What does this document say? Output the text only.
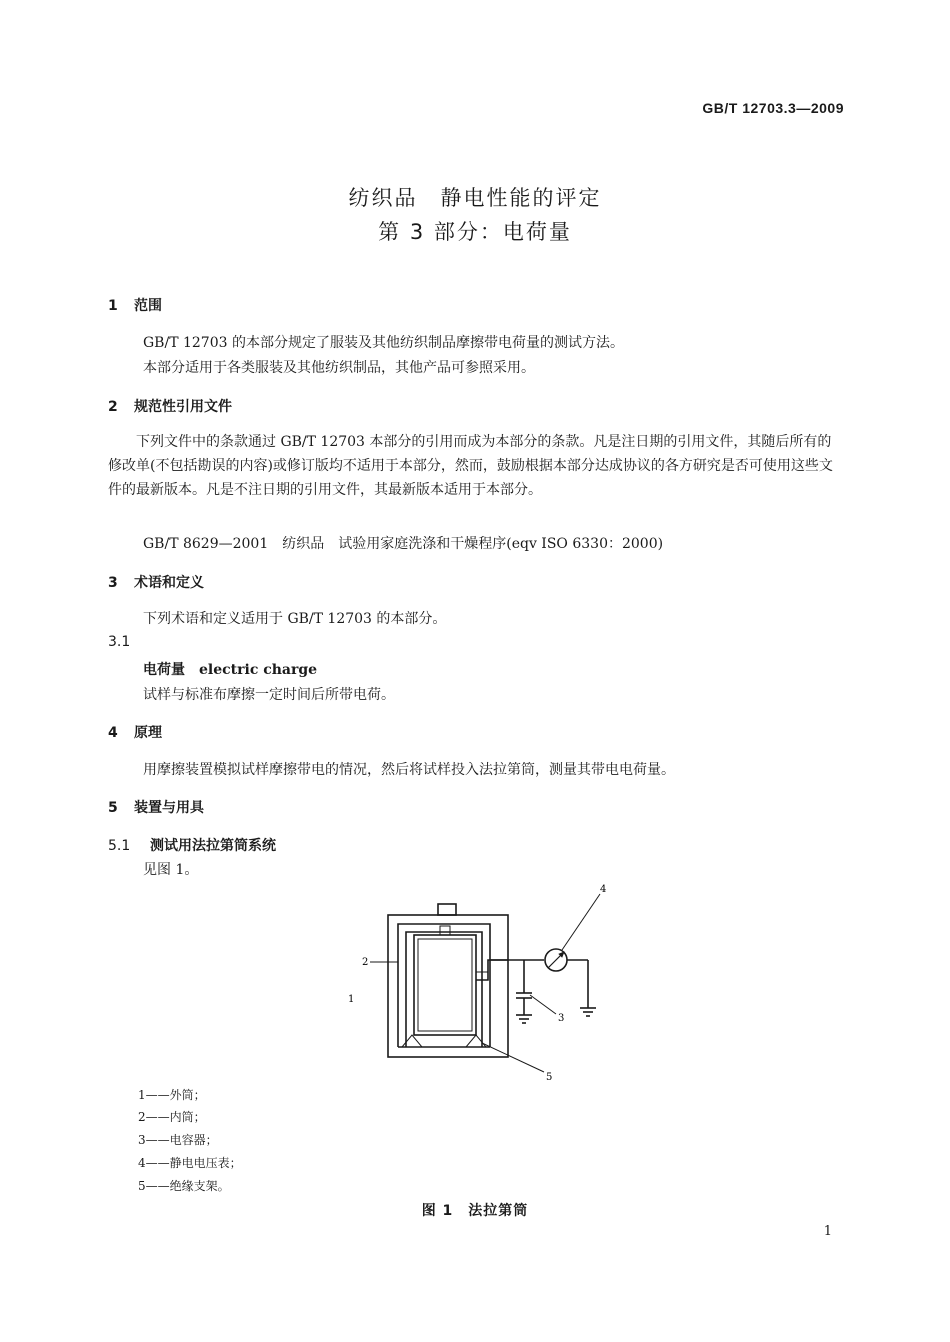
GB/T 12703.3—2009
纺织品　静电性能的评定
第 3 部分：电荷量
1 范围
GB/T 12703 的本部分规定了服装及其他纺织制品摩擦带电荷量的测试方法。
本部分适用于各类服装及其他纺织制品，其他产品可参照采用。
2 规范性引用文件
下列文件中的条款通过 GB/T 12703 本部分的引用而成为本部分的条款。凡是注日期的引用文件，其随后所有的修改单(不包括勘误的内容)或修订版均不适用于本部分，然而，鼓励根据本部分达成协议的各方研究是否可使用这些文件的最新版本。凡是不注日期的引用文件，其最新版本适用于本部分。
GB/T 8629—2001　纺织品　试验用家庭洗涤和干燥程序(eqv ISO 6330：2000)
3 术语和定义
下列术语和定义适用于 GB/T 12703 的本部分。
3.1
电荷量　electric charge
试样与标准布摩擦一定时间后所带电荷。
4 原理
用摩擦装置模拟试样摩擦带电的情况，然后将试样投入法拉第筒，测量其带电电荷量。
5 装置与用具
5.1 测试用法拉第筒系统
见图 1。
1
2
3
4
5
1——外筒；
2——内筒；
3——电容器；
4——静电电压表；
5——绝缘支架。
图 1　法拉第筒
1
